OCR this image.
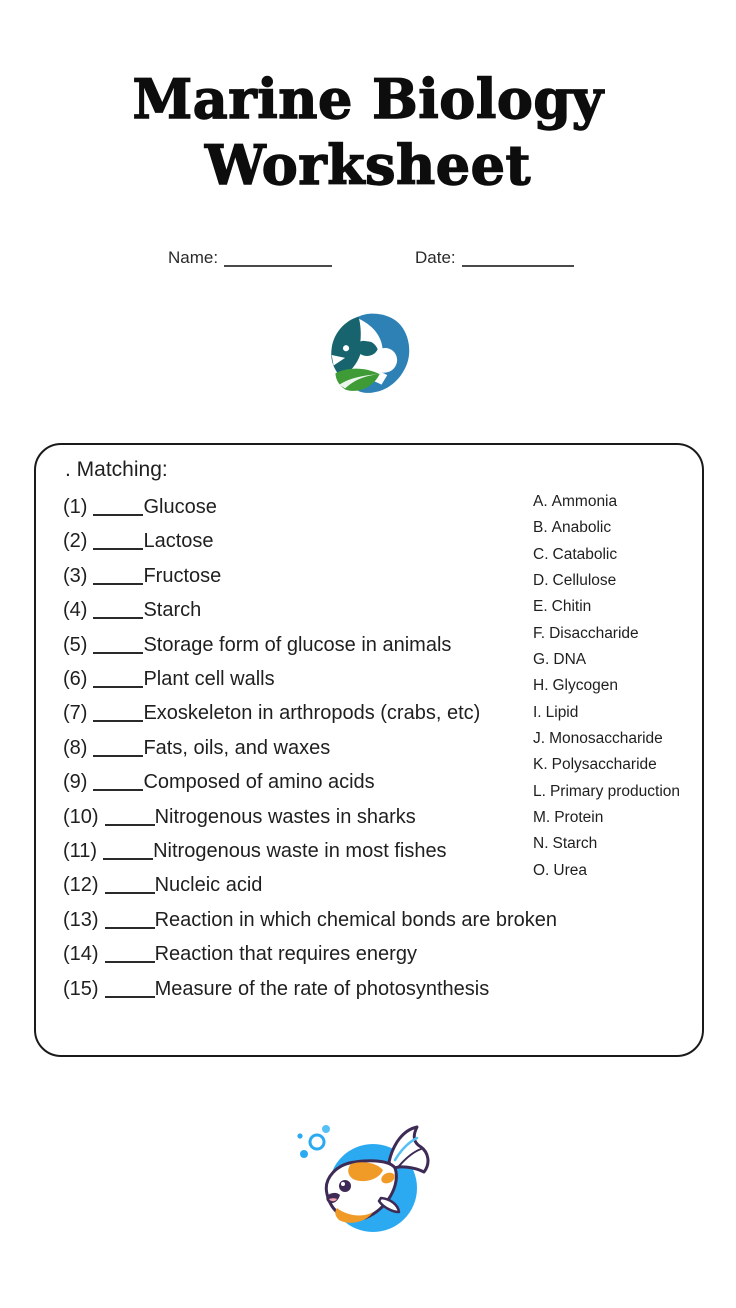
Marine Biology
Worksheet
Name:	Date:
. Matching:
(1)	Glucose
(2)	Lactose
(3)	Fructose
(4)	Starch
(5)	Storage form of glucose in animals
(6)	Plant cell walls
(7)	Exoskeleton in arthropods (crabs, etc)
(8)	Fats, oils, and waxes
(9)	Composed of amino acids
(10)	Nitrogenous wastes in sharks
(11)	Nitrogenous waste in most fishes
(12)	Nucleic acid
(13)	Reaction in which chemical bonds are broken
(14)	Reaction that requires energy
(15)	Measure of the rate of photosynthesis
A. Ammonia
B. Anabolic
C. Catabolic
D. Cellulose
E. Chitin
F. Disaccharide
G. DNA
H. Glycogen
I. Lipid
J. Monosaccharide
K. Polysaccharide
L. Primary production
M. Protein
N. Starch
O. Urea
